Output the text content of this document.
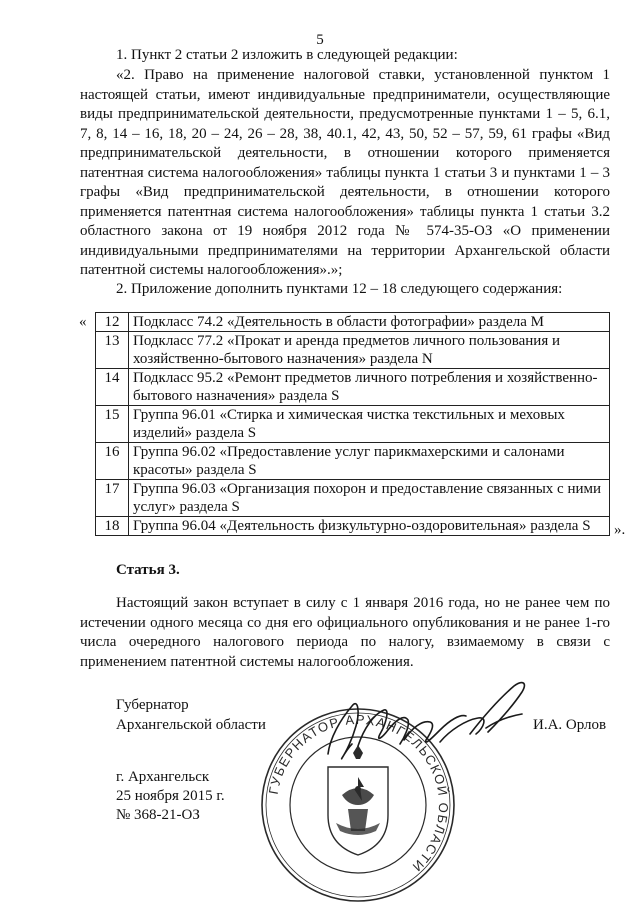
5

1. Пункт 2 статьи 2 изложить в следующей редакции:

«2. Право на применение налоговой ставки, установленной пунктом 1 настоящей статьи, имеют индивидуальные предприниматели, осуществляющие виды предпринимательской деятельности, предусмотренные пунктами 1 – 5, 6.1, 7, 8, 14 – 16, 18, 20 – 24, 26 – 28, 38, 40.1, 42, 43, 50, 52 – 57, 59, 61 графы «Вид предпринимательской деятельности, в отношении которого применяется патентная система налогообложения» таблицы пункта 1 статьи 3 и пунктами 1 – 3 графы «Вид предпринимательской деятельности, в отношении которого применяется патентная система налогообложения» таблицы пункта 1 статьи 3.2 областного закона от 19 ноября 2012 года № 574-35-ОЗ «О применении индивидуальными предпринимателями на территории Архангельской области патентной системы налогообложения».»;

2. Приложение дополнить пунктами 12 – 18 следующего содержания:

« 12	Подкласс 74.2 «Деятельность в области фотографии» раздела M
13	Подкласс 77.2 «Прокат и аренда предметов личного пользования и хозяйственно-бытового назначения» раздела N
14	Подкласс 95.2 «Ремонт предметов личного потребления и хозяйственно-бытового назначения» раздела S
15	Группа 96.01 «Стирка и химическая чистка текстильных и меховых изделий» раздела S
16	Группа 96.02 «Предоставление услуг парикмахерскими и салонами красоты» раздела S
17	Группа 96.03 «Организация похорон и предоставление связанных с ними услуг» раздела S
18	Группа 96.04 «Деятельность физкультурно-оздоровительная» раздела S ».
Статья 3.

Настоящий закон вступает в силу с 1 января 2016 года, но не ранее чем по истечении одного месяца со дня его официального опубликования и не ранее 1-го числа очередного налогового периода по налогу, взимаемому в связи с применением патентной системы налогообложения.

ГУБЕРНАТОР АРХАНГЕЛЬСКОЙ ОБЛАСТИ
Губернатор
Архангельской области	И.А. Орлов
г. Архангельск
25 ноября 2015 г.
№ 368-21-ОЗ
